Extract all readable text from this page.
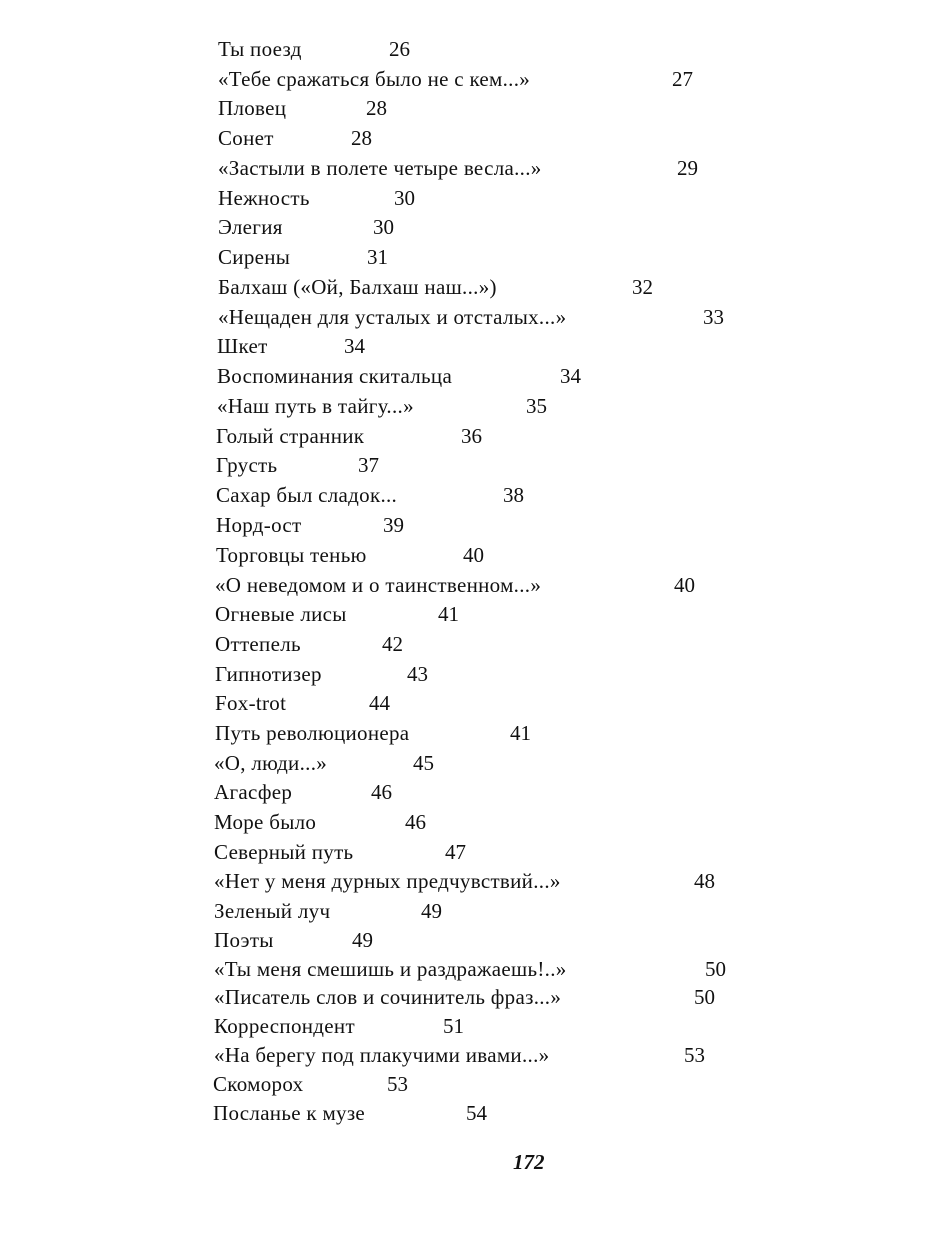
Ты поезд	26
«Тебе сражаться было не с кем...»	27
Пловец	28
Сонет	28
«Застыли в полете четыре весла...»	29
Нежность	30
Элегия	30
Сирены	31
Балхаш («Ой, Балхаш наш...»)	32
«Нещаден для усталых и отсталых...»	33
Шкет	34
Воспоминания скитальца	34
«Наш путь в тайгу...»	35
Голый странник	36
Грусть	37
Сахар был сладок...	38
Норд-ост	39
Торговцы тенью	40
«О неведомом и о таинственном...»	40
Огневые лисы	41
Оттепель	42
Гипнотизер	43
Fox-trot	44
Путь революционера	41
«О, люди...»	45
Агасфер	46
Море было	46
Северный путь	47
«Нет у меня дурных предчувствий...»	48
Зеленый луч	49
Поэты	49
«Ты меня смешишь и раздражаешь!..»	50
«Писатель слов и сочинитель фраз...»	50
Корреспондент	51
«На берегу под плакучими ивами...»	53
Скоморох	53
Посланье к музе	54
172
